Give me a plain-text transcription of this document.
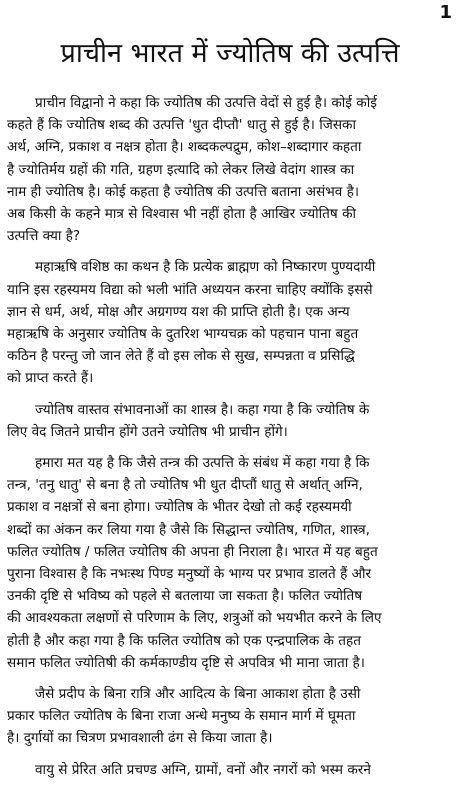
1
प्राचीन भारत में ज्योतिष की उत्पत्ति
प्राचीन विद्वानो ने कहा कि ज्योतिष की उत्पत्ति वेदों से हुई है। कोई कोई
कहते हैं कि ज्योतिष शब्द की उत्पत्ति 'धुत दीप्तौ' धातु से हुई है। जिसका
अर्थ, अग्नि, प्रकाश व नक्षत्र होता है। शब्दकल्पद्रुम, कोश–शब्दागार कहता
है ज्योतिर्मय ग्रहों की गति, ग्रहण इत्यादि को लेकर लिखे वेदांग शास्त्र का
नाम ही ज्योतिष है। कोई कहता है ज्योतिष की उत्पत्ति बताना असंभव है।
अब किसी के कहने मात्र से विश्वास भी नहीं होता है आखिर ज्योतिष की
उत्पत्ति क्या है?
महाऋषि वशिष्ठ का कथन है कि प्रत्येक ब्राह्मण को निष्कारण पुण्यदायी
यानि इस रहस्यमय विद्या को भली भांति अध्ययन करना चाहिए क्योंकि इससे
ज्ञान से धर्म, अर्थ, मोक्ष और अग्रगण्य यश की प्राप्ति होती है। एक अन्य
महाऋषि के अनुसार ज्योतिष के दुतरिश भाग्यचक्र को पहचान पाना बहुत
कठिन है परन्तु जो जान लेते हैं वो इस लोक से सुख, सम्पन्नता व प्रसिद्धि
को प्राप्त करते हैं।
ज्योतिष वास्तव संभावनाओं का शास्त्र है। कहा गया है कि ज्योतिष के
लिए वेद जितने प्राचीन होंगे उतने ज्योतिष भी प्राचीन होंगे।
हमारा मत यह है कि जैसे तन्त्र की उत्पत्ति के संबंध में कहा गया है कि
तन्त्र, 'तनु धातु' से बना है तो ज्योतिष भी धुत दीप्तौं धातु से अर्थात् अग्नि,
प्रकाश व नक्षत्रों से बना होगा। ज्योतिष के भीतर देखो तो कई रहस्यमयी
शब्दों का अंकन कर लिया गया है जैसे कि सिद्धान्त ज्योतिष, गणित, शास्त्र,
फलित ज्योतिष / फलित ज्योतिष की अपना ही निराला है। भारत में यह बहुत
पुराना विश्वास है कि नभःस्थ पिण्ड मनुष्यों के भाग्य पर प्रभाव डालते हैं और
उनकी दृष्टि से भविष्य को पहले से बतलाया जा सकता है। फलित ज्योतिष
की आवश्यकता लक्षणों से परिणाम के लिए, शत्रुओं को भयभीत करने के लिए
होती है और कहा गया है कि फलित ज्योतिष को एक एन्द्रपालिक के तहत
समान फलित ज्योतिषी की कर्मकाण्डीय दृष्टि से अपवित्र भी माना जाता है।
जैसे प्रदीप के बिना रात्रि और आदित्य के बिना आकाश होता है उसी
प्रकार फलित ज्योतिष के बिना राजा अन्धे मनुष्य के समान मार्ग में घूमता
है। दुर्गायों का चित्रण प्रभावशाली ढंग से किया जाता है।
वायु से प्रेरित अति प्रचण्ड अग्नि, ग्रामों, वनों और नगरों को भस्म करने
